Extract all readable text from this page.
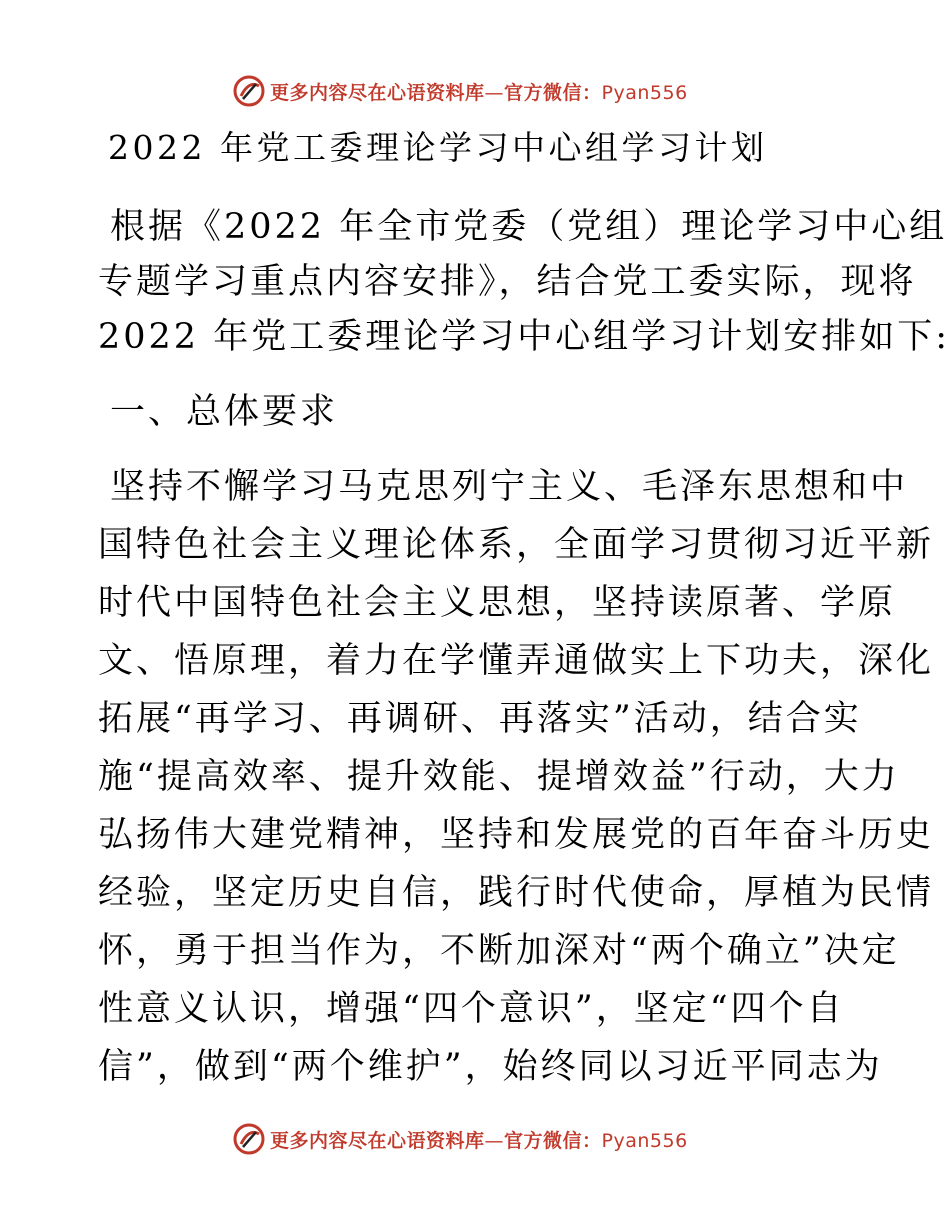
更多内容尽在心语资料库—官方微信：Pyan556
2022 年党工委理论学习中心组学习计划
根据《2022 年全市党委（党组）理论学习中心组
专题学习重点内容安排》，结合党工委实际，现将
2022 年党工委理论学习中心组学习计划安排如下:
一、总体要求
坚持不懈学习马克思列宁主义、毛泽东思想和中
国特色社会主义理论体系，全面学习贯彻习近平新
时代中国特色社会主义思想，坚持读原著、学原
文、悟原理，着力在学懂弄通做实上下功夫，深化
拓展“再学习、再调研、再落实”活动，结合实
施“提高效率、提升效能、提增效益”行动，大力
弘扬伟大建党精神，坚持和发展党的百年奋斗历史
经验，坚定历史自信，践行时代使命，厚植为民情
怀，勇于担当作为，不断加深对“两个确立”决定
性意义认识，增强“四个意识”，坚定“四个自
信”，做到“两个维护”，始终同以习近平同志为
更多内容尽在心语资料库—官方微信：Pyan556
